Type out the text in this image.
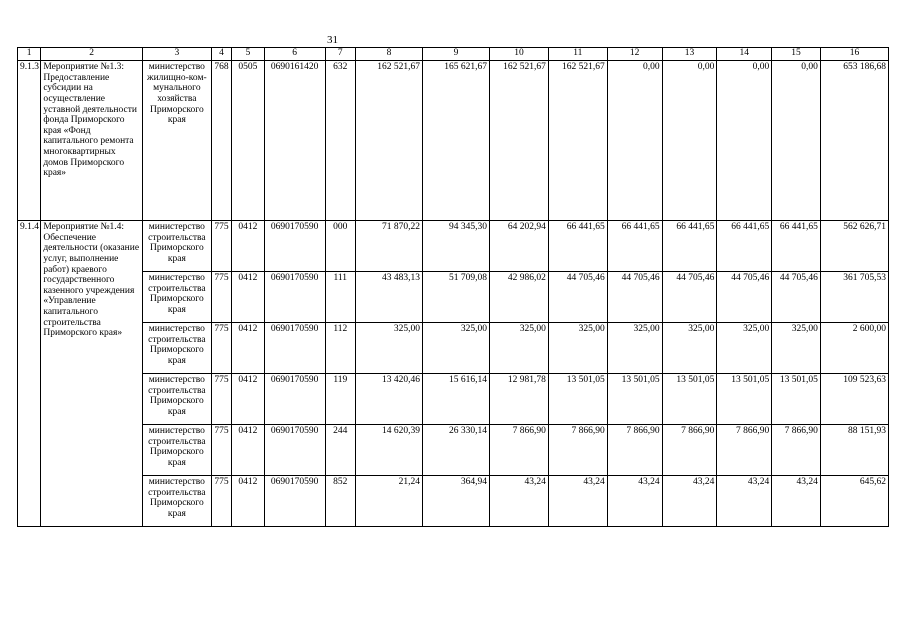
31
1	2	3	4	5	6	7	8	9	10	11	12	13	14	15	16
9.1.3	Мероприятие №1.3: Предоставление субсидии на осуществление уставной деятельности фонда Приморского края «Фонд капитального ремонта многоквартирных домов Приморского края»	министерство жилищно-ком-мунального хозяйства Приморского края	768	0505	0690161420	632	162 521,67	165 621,67	162 521,67	162 521,67	0,00	0,00	0,00	0,00	653 186,68
9.1.4	Мероприятие №1.4: Обеспечение деятельности (оказание услуг, выполнение работ) краевого государственного казенного учреждения «Управление капитального строительства Приморского края»	министерство строительства Приморского края	775	0412	0690170590	000	71 870,22	94 345,30	64 202,94	66 441,65	66 441,65	66 441,65	66 441,65	66 441,65	562 626,71
		министерство строительства Приморского края	775	0412	0690170590	111	43 483,13	51 709,08	42 986,02	44 705,46	44 705,46	44 705,46	44 705,46	44 705,46	361 705,53
		министерство строительства Приморского края	775	0412	0690170590	112	325,00	325,00	325,00	325,00	325,00	325,00	325,00	325,00	2 600,00
		министерство строительства Приморского края	775	0412	0690170590	119	13 420,46	15 616,14	12 981,78	13 501,05	13 501,05	13 501,05	13 501,05	13 501,05	109 523,63
		министерство строительства Приморского края	775	0412	0690170590	244	14 620,39	26 330,14	7 866,90	7 866,90	7 866,90	7 866,90	7 866,90	7 866,90	88 151,93
		министерство строительства Приморского края	775	0412	0690170590	852	21,24	364,94	43,24	43,24	43,24	43,24	43,24	43,24	645,62
